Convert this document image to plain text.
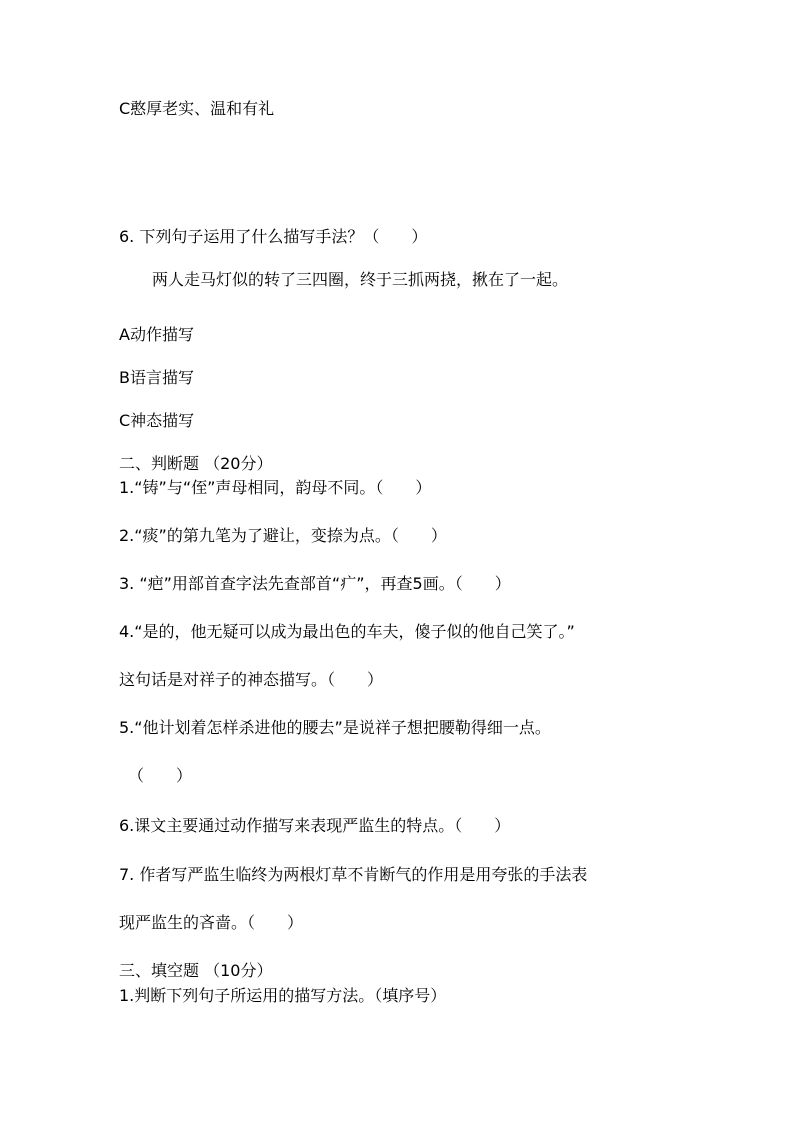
C憨厚老实、温和有礼
6. 下列句子运用了什么描写手法？（　　）
两人走马灯似的转了三四圈，终于三抓两挠，揪在了一起。
A动作描写
B语言描写
C神态描写
二、判断题 （20分）
1.“铸”与“侄”声母相同，韵母不同。（　　）
2.“痰”的第九笔为了避让，变捺为点。（　　）
3. “疤”用部首查字法先查部首“疒”，再查5画。（　　）
4.“是的，他无疑可以成为最出色的车夫，傻子似的他自己笑了。”
这句话是对祥子的神态描写。（　　）
5.“他计划着怎样杀进他的腰去”是说祥子想把腰勒得细一点。
（　　）
6.课文主要通过动作描写来表现严监生的特点。（　　）
7. 作者写严监生临终为两根灯草不肯断气的作用是用夸张的手法表
现严监生的吝啬。（　　）
三、填空题 （10分）
1.判断下列句子所运用的描写方法。（填序号）
